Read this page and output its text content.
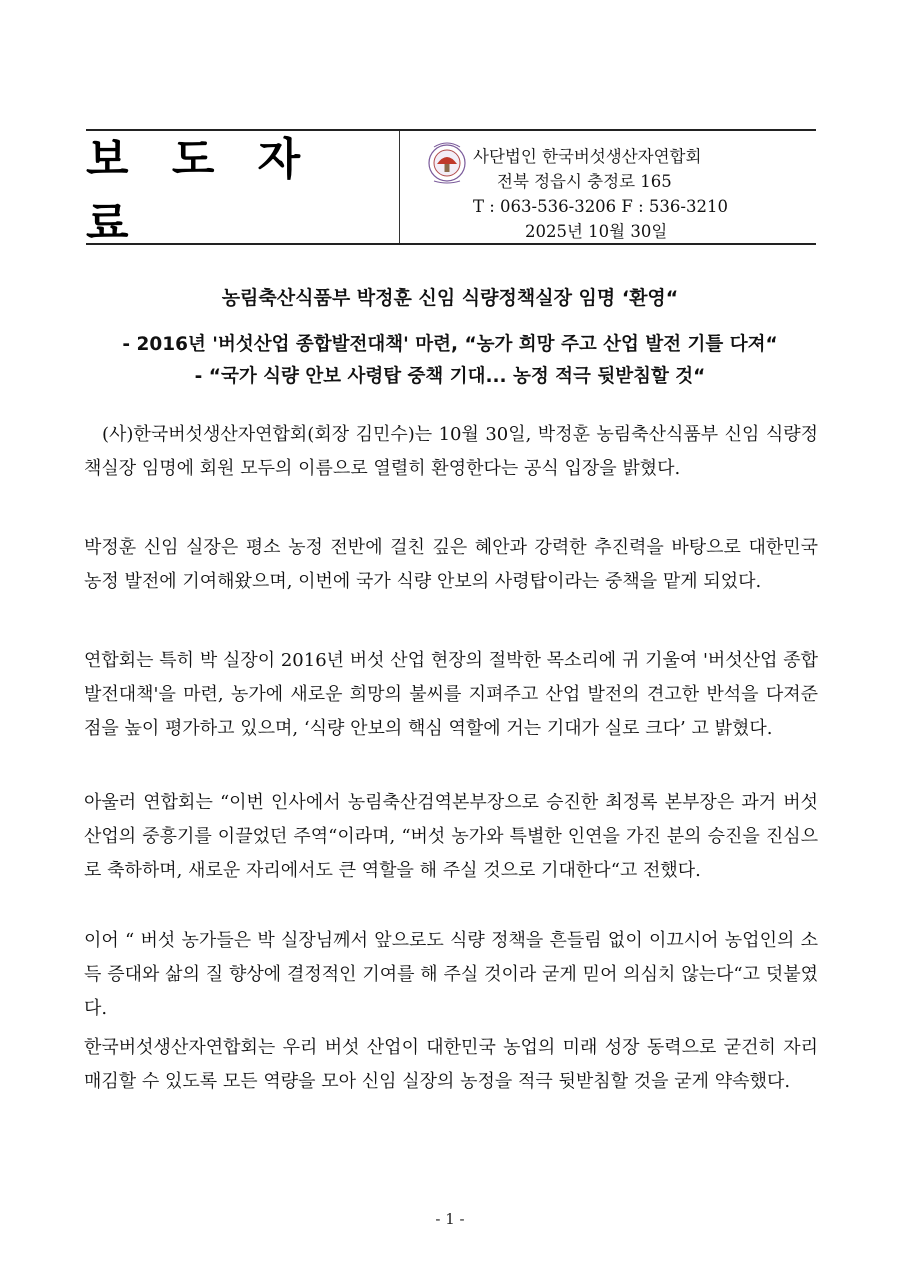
보 도 자 료
사단법인 한국버섯생산자연합회
전북 정읍시 충정로 165
T : 063-536-3206 F : 536-3210
2025년 10월 30일
농림축산식품부 박정훈 신임 식량정책실장 임명 ‘환영“
- 2016년 '버섯산업 종합발전대책' 마련, “농가 희망 주고 산업 발전 기틀 다져“
- “국가 식량 안보 사령탑 중책 기대... 농정 적극 뒷받침할 것“

(사)한국버섯생산자연합회(회장 김민수)는 10월 30일, 박정훈 농림축산식품부 신임 식량정책실장 임명에 회원 모두의 이름으로 열렬히 환영한다는 공식 입장을 밝혔다.

박정훈 신임 실장은 평소 농정 전반에 걸친 깊은 혜안과 강력한 추진력을 바탕으로 대한민국 농정 발전에 기여해왔으며, 이번에 국가 식량 안보의 사령탑이라는 중책을 맡게 되었다.

연합회는 특히 박 실장이 2016년 버섯 산업 현장의 절박한 목소리에 귀 기울여 '버섯산업 종합발전대책'을 마련, 농가에 새로운 희망의 불씨를 지펴주고 산업 발전의 견고한 반석을 다져준 점을 높이 평가하고 있으며, ‘식량 안보의 핵심 역할에 거는 기대가 실로 크다’ 고 밝혔다.

아울러 연합회는 “이번 인사에서 농림축산검역본부장으로 승진한 최정록 본부장은 과거 버섯산업의 중흥기를 이끌었던 주역“이라며, “버섯 농가와 특별한 인연을 가진 분의 승진을 진심으로 축하하며, 새로운 자리에서도 큰 역할을 해 주실 것으로 기대한다“고 전했다.

이어 “ 버섯 농가들은 박 실장님께서 앞으로도 식량 정책을 흔들림 없이 이끄시어 농업인의 소득 증대와 삶의 질 향상에 결정적인 기여를 해 주실 것이라 굳게 믿어 의심치 않는다“고 덧붙였다.

한국버섯생산자연합회는 우리 버섯 산업이 대한민국 농업의 미래 성장 동력으로 굳건히 자리매김할 수 있도록 모든 역량을 모아 신임 실장의 농정을 적극 뒷받침할 것을 굳게 약속했다.

- 1 -
